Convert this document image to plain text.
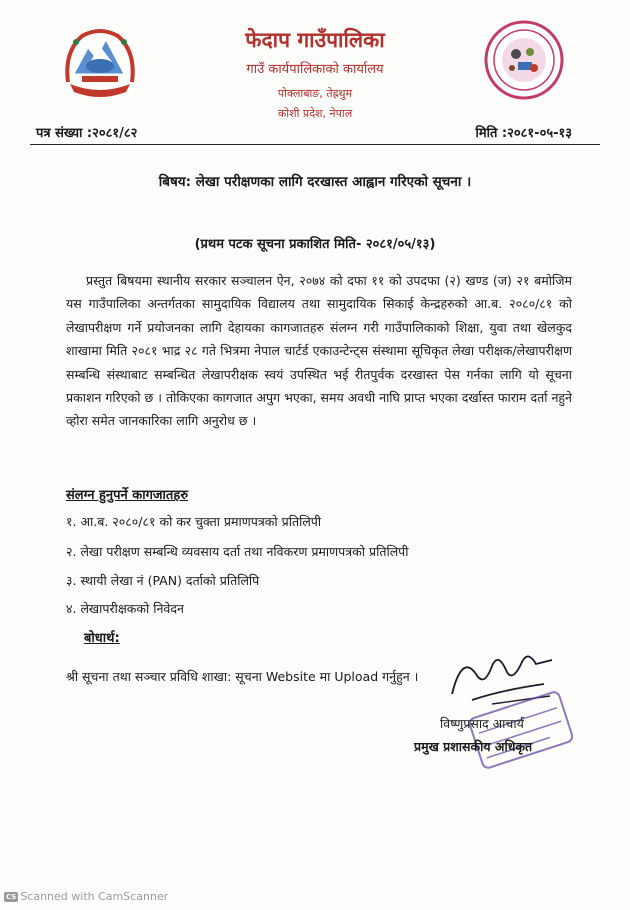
फेदाप गाउँपालिका
गाउँ कार्यपालिकाको कार्यालय
पोक्लाबाङ, तेह्रथुम
कोशी प्रदेश, नेपाल
पत्र संख्या :२०८१/८२	मिति :२०८१-०५-१३
बिषय: लेखा परीक्षणका लागि दरखास्त आह्वान गरिएको सूचना ।
(प्रथम पटक सूचना प्रकाशित मिति- २०८१/०५/१३)
प्रस्तुत बिषयमा स्थानीय सरकार सञ्चालन ऐन, २०७४ को दफा ११ को उपदफा (२) खण्ड (ज) २१ बमोजिम यस गाउँपालिका अन्तर्गतका सामुदायिक विद्यालय तथा सामुदायिक सिकाई केन्द्रहरुको आ.ब. २०८०/८१ को लेखापरीक्षण गर्ने प्रयोजनका लागि देहायका कागजातहरु संलग्न गरी गाउँपालिकाको शिक्षा, युवा तथा खेलकुद शाखामा मिति २०८१ भाद्र २८ गते भित्रमा नेपाल चार्टर्ड एकाउन्टेन्ट्स संस्थामा सूचिकृत लेखा परीक्षक/लेखापरीक्षण सम्बन्धि संस्थाबाट सम्बन्धित लेखापरीक्षक स्वयं उपस्थित भई रीतपुर्वक दरखास्त पेस गर्नका लागि यो सूचना प्रकाशन गरिएको छ । तोकिएका कागजात अपुग भएका, समय अवधी नाघि प्राप्त भएका दर्खास्त फाराम दर्ता नहुने व्होरा समेत जानकारिका लागि अनुरोध छ ।
संलग्न हुनुपर्ने कागजातहरु
१. आ.ब. २०८०/८१ को कर चुक्ता प्रमाणपत्रको प्रतिलिपी
२. लेखा परीक्षण सम्बन्धि व्यवसाय दर्ता तथा नविकरण प्रमाणपत्रको प्रतिलिपी
३. स्थायी लेखा नं (PAN) दर्ताको प्रतिलिपि
४. लेखापरीक्षकको निवेदन
बोधार्थ:
श्री सूचना तथा सञ्चार प्रविधि शाखा: सूचना Website मा Upload गर्नुहुन ।
विष्णुप्रसाद आचार्य
प्रमुख प्रशासकीय अधिकृत
CS Scanned with CamScanner
